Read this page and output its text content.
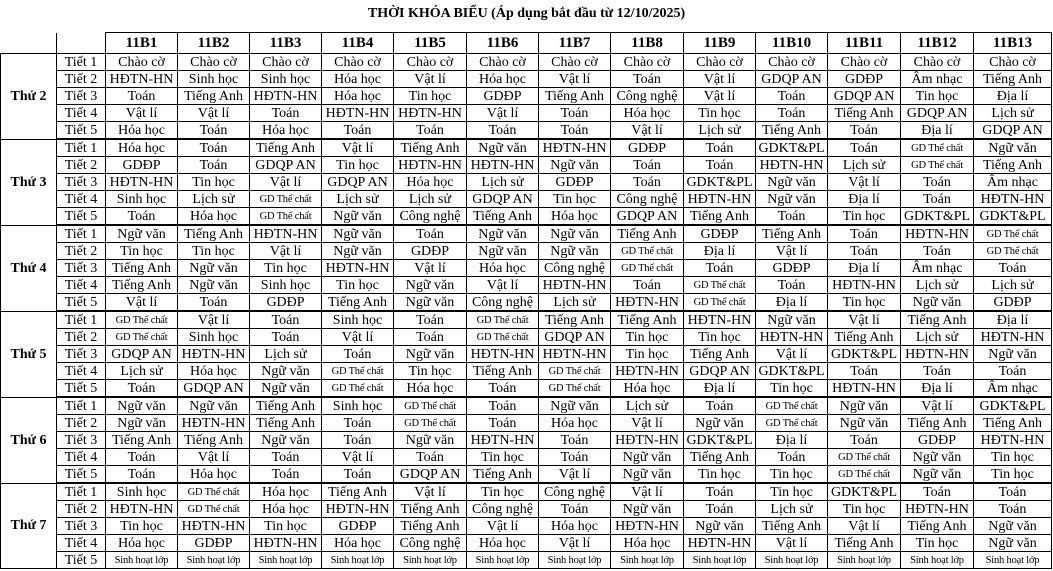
THỜI KHÓA BIỂU (Áp dụng bắt đầu từ 12/10/2025)
		11B1	11B2	11B3	11B4	11B5	11B6	11B7	11B8	11B9	11B10	11B11	11B12	11B13
Thứ 2	Tiết 1	Chào cờ	Chào cờ	Chào cờ	Chào cờ	Chào cờ	Chào cờ	Chào cờ	Chào cờ	Chào cờ	Chào cờ	Chào cờ	Chào cờ	Chào cờ
	Tiết 2	HĐTN-HN	Sinh học	Sinh học	Hóa học	Vật lí	Hóa học	Vật lí	Toán	Vật lí	GDQP AN	GDĐP	Âm nhạc	Tiếng Anh
	Tiết 3	Toán	Tiếng Anh	HĐTN-HN	Hóa học	Tin học	GDĐP	Tiếng Anh	Công nghệ	Vật lí	Toán	GDQP AN	Tin học	Địa lí
	Tiết 4	Vật lí	Vật lí	Toán	HĐTN-HN	HĐTN-HN	Vật lí	Toán	Hóa học	Tin học	Toán	Tiếng Anh	GDQP AN	Lịch sử
	Tiết 5	Hóa học	Toán	Hóa học	Toán	Toán	Toán	Toán	Vật lí	Lịch sử	Tiếng Anh	Toán	Địa lí	GDQP AN
Thứ 3	Tiết 1	Hóa học	Toán	Tiếng Anh	Vật lí	Tiếng Anh	Ngữ văn	HĐTN-HN	GDĐP	Toán	GDKT&PL	Toán	GD Thể chất	Ngữ văn
	Tiết 2	GDĐP	Toán	GDQP AN	Tin học	HĐTN-HN	HĐTN-HN	Ngữ văn	Toán	Toán	HĐTN-HN	Lịch sử	GD Thể chất	Tiếng Anh
	Tiết 3	HĐTN-HN	Tin học	Vật lí	GDQP AN	Hóa học	Lịch sử	GDĐP	Toán	GDKT&PL	Ngữ văn	Vật lí	Toán	Âm nhạc
	Tiết 4	Sinh học	Lịch sử	GD Thể chất	Lịch sử	Lịch sử	GDQP AN	Tin học	Công nghệ	HĐTN-HN	Ngữ văn	Địa lí	Toán	HĐTN-HN
	Tiết 5	Toán	Hóa học	GD Thể chất	Ngữ văn	Công nghệ	Tiếng Anh	Hóa học	GDQP AN	Tiếng Anh	Toán	Tin học	GDKT&PL	GDKT&PL
Thứ 4	Tiết 1	Ngữ văn	Tiếng Anh	HĐTN-HN	Ngữ văn	Toán	Ngữ văn	Ngữ văn	Tiếng Anh	GDĐP	Tiếng Anh	Toán	HĐTN-HN	GD Thể chất
	Tiết 2	Tin học	Tin học	Vật lí	Ngữ văn	GDĐP	Ngữ văn	Ngữ văn	GD Thể chất	Địa lí	Vật lí	Toán	Toán	GD Thể chất
	Tiết 3	Tiếng Anh	Ngữ văn	Tin học	HĐTN-HN	Vật lí	Hóa học	Công nghệ	GD Thể chất	Toán	GDĐP	Địa lí	Âm nhạc	Toán
	Tiết 4	Tiếng Anh	Ngữ văn	Sinh học	Tin học	Ngữ văn	Vật lí	HĐTN-HN	Toán	GD Thể chất	Toán	HĐTN-HN	Lịch sử	Lịch sử
	Tiết 5	Vật lí	Toán	GDĐP	Tiếng Anh	Ngữ văn	Công nghệ	Lịch sử	HĐTN-HN	GD Thể chất	Địa lí	Tin học	Ngữ văn	GDĐP
Thứ 5	Tiết 1	GD Thể chất	Vật lí	Toán	Sinh học	Toán	GD Thể chất	Tiếng Anh	Tiếng Anh	HĐTN-HN	Ngữ văn	Vật lí	Tiếng Anh	Địa lí
	Tiết 2	GD Thể chất	Sinh học	Toán	Vật lí	Toán	GD Thể chất	GDQP AN	Tin học	Tin học	HĐTN-HN	Tiếng Anh	Lịch sử	HĐTN-HN
	Tiết 3	GDQP AN	HĐTN-HN	Lịch sử	Toán	Ngữ văn	HĐTN-HN	HĐTN-HN	Tin học	Tiếng Anh	Vật lí	GDKT&PL	HĐTN-HN	Ngữ văn
	Tiết 4	Lịch sử	Hóa học	Ngữ văn	GD Thể chất	Tin học	Tiếng Anh	GD Thể chất	HĐTN-HN	GDQP AN	GDKT&PL	Toán	Toán	Toán
	Tiết 5	Toán	GDQP AN	Ngữ văn	GD Thể chất	Hóa học	Toán	GD Thể chất	Hóa học	Địa lí	Tin học	HĐTN-HN	Địa lí	Âm nhạc
Thứ 6	Tiết 1	Ngữ văn	Ngữ văn	Tiếng Anh	Sinh học	GD Thể chất	Toán	Ngữ văn	Lịch sử	Toán	GD Thể chất	Ngữ văn	Vật lí	GDKT&PL
	Tiết 2	Ngữ văn	HĐTN-HN	Tiếng Anh	Toán	GD Thể chất	Toán	Hóa học	Vật lí	Ngữ văn	GD Thể chất	Ngữ văn	Tiếng Anh	Tiếng Anh
	Tiết 3	Tiếng Anh	Tiếng Anh	Ngữ văn	Toán	Ngữ văn	HĐTN-HN	Toán	HĐTN-HN	GDKT&PL	Địa lí	Toán	GDĐP	HĐTN-HN
	Tiết 4	Toán	Vật lí	Toán	Vật lí	Toán	Tin học	Toán	Ngữ văn	Tiếng Anh	Toán	GD Thể chất	Ngữ văn	Tin học
	Tiết 5	Toán	Hóa học	Toán	Toán	GDQP AN	Tiếng Anh	Vật lí	Ngữ văn	Tin học	Tin học	GD Thể chất	Ngữ văn	Tin học
Thứ 7	Tiết 1	Sinh học	GD Thể chất	Hóa học	Tiếng Anh	Vật lí	Tin học	Công nghệ	Vật lí	Toán	Tin học	GDKT&PL	Toán	Toán
	Tiết 2	HĐTN-HN	GD Thể chất	Hóa học	HĐTN-HN	Tiếng Anh	Công nghệ	Toán	Ngữ văn	Toán	Lịch sử	Tin học	HĐTN-HN	Toán
	Tiết 3	Tin học	HĐTN-HN	Tin học	GDĐP	Tiếng Anh	Vật lí	Hóa học	HĐTN-HN	Ngữ văn	Tiếng Anh	Vật lí	Tiếng Anh	Ngữ văn
	Tiết 4	Hóa học	GDĐP	HĐTN-HN	Hóa học	Công nghệ	Hóa học	Vật lí	Hóa học	HĐTN-HN	Vật lí	Tiếng Anh	Tin học	Ngữ văn
	Tiết 5	Sinh hoạt lớp	Sinh hoạt lớp	Sinh hoạt lớp	Sinh hoạt lớp	Sinh hoạt lớp	Sinh hoạt lớp	Sinh hoạt lớp	Sinh hoạt lớp	Sinh hoạt lớp	Sinh hoạt lớp	Sinh hoạt lớp	Sinh hoạt lớp	Sinh hoạt lớp
